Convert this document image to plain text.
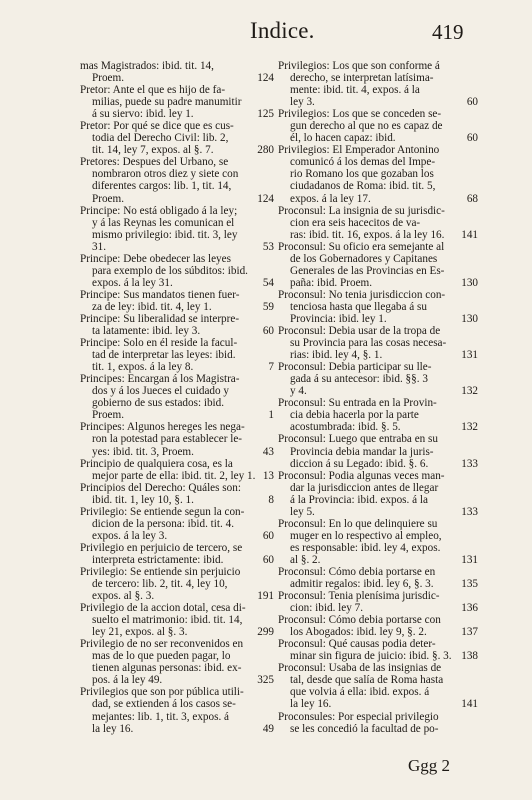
Indice.	419
mas Magistrados: ibid. tit. 14,
Proem.	124
Pretor: Ante el que es hijo de fa-
milias, puede su padre manumitir
á su siervo: ibid. ley 1.	125
Pretor: Por qué se dice que es cus-
todia del Derecho Civil: lib. 2,
tit. 14, ley 7, expos. al §. 7.	280
Pretores: Despues del Urbano, se
nombraron otros diez y siete con
diferentes cargos: lib. 1, tit. 14,
Proem.	124
Principe: No está obligado á la ley;
y á las Reynas les comunican el
mismo privilegio: ibid. tit. 3, ley
31.	53
Principe: Debe obedecer las leyes
para exemplo de los súbditos: ibid.
expos. á la ley 31.	54
Principe: Sus mandatos tienen fuer-
za de ley: ibid. tit. 4, ley 1.	59
Principe: Su liberalidad se interpre-
ta latamente: ibid. ley 3.	60
Principe: Solo en él reside la facul-
tad de interpretar las leyes: ibid.
tit. 1, expos. á la ley 8.	7
Principes: Encargan á los Magistra-
dos y á los Jueces el cuidado y
gobierno de sus estados: ibid.
Proem.	1
Principes: Algunos hereges les nega-
ron la potestad para establecer le-
yes: ibid. tit. 3, Proem.	43
Principio de qualquiera cosa, es la
mejor parte de ella: ibid. tit. 2, ley 1. 13
Principios del Derecho: Quáles son:
ibid. tit. 1, ley 10, §. 1.	8
Privilegio: Se entiende segun la con-
dicion de la persona: ibid. tit. 4.
expos. á la ley 3.	60
Privilegio en perjuicio de tercero, se
interpreta estrictamente: ibid.	60
Privilegio: Se entiende sin perjuicio
de tercero: lib. 2, tit. 4, ley 10,
expos. al §. 3.	191
Privilegio de la accion dotal, cesa di-
suelto el matrimonio: ibid. tit. 14,
ley 21, expos. al §. 3.	299
Privilegio de no ser reconvenidos en
mas de lo que pueden pagar, lo
tienen algunas personas: ibid. ex-
pos. á la ley 49.	325
Privilegios que son por pública utili-
dad, se extienden á los casos se-
mejantes: lib. 1, tit. 3, expos. á
la ley 16.	49
Privilegios: Los que son conforme á
derecho, se interpretan latísima-
mente: ibid. tit. 4, expos. á la
ley 3.	60
Privilegios: Los que se conceden se-
gun derecho al que no es capaz de
él, lo hacen capaz: ibid.	60
Privilegios: El Emperador Antonino
comunicó á los demas del Impe-
rio Romano los que gozaban los
ciudadanos de Roma: ibid. tit. 5,
expos. á la ley 17.	68
Proconsul: La insignia de su jurisdic-
cion era seis hacecitos de va-
ras: ibid. tit. 16, expos. á la ley 16. 141
Proconsul: Su oficio era semejante al
de los Gobernadores y Capitanes
Generales de las Provincias en Es-
paña: ibid. Proem.	130
Proconsul: No tenia jurisdiccion con-
tenciosa hasta que llegaba á su
Provincia: ibid. ley 1.	130
Proconsul: Debia usar de la tropa de
su Provincia para las cosas necesa-
rias: ibid. ley 4, §. 1.	131
Proconsul: Debia participar su lle-
gada á su antecesor: ibid. §§. 3
y 4.	132
Proconsul: Su entrada en la Provin-
cia debia hacerla por la parte
acostumbrada: ibid. §. 5.	132
Proconsul: Luego que entraba en su
Provincia debia mandar la juris-
diccion á su Legado: ibid. §. 6.	133
Proconsul: Podia algunas veces man-
dar la jurisdiccion antes de llegar
á la Provincia: ibid. expos. á la
ley 5.	133
Proconsul: En lo que delinquiere su
muger en lo respectivo al empleo,
es responsable: ibid. ley 4, expos.
al §. 2.	131
Proconsul: Cómo debia portarse en
admitir regalos: ibid. ley 6, §. 3. 135
Proconsul: Tenia plenísima jurisdic-
cion: ibid. ley 7.	136
Proconsul: Cómo debia portarse con
los Abogados: ibid. ley 9, §. 2.	137
Proconsul: Qué causas podia deter-
minar sin figura de juicio: ibid. §. 3. 138
Proconsul: Usaba de las insignias de
tal, desde que salía de Roma hasta
que volvia á ella: ibid. expos. á
la ley 16.	141
Proconsules: Por especial privilegio
se les concedió la facultad de po-
Ggg 2
